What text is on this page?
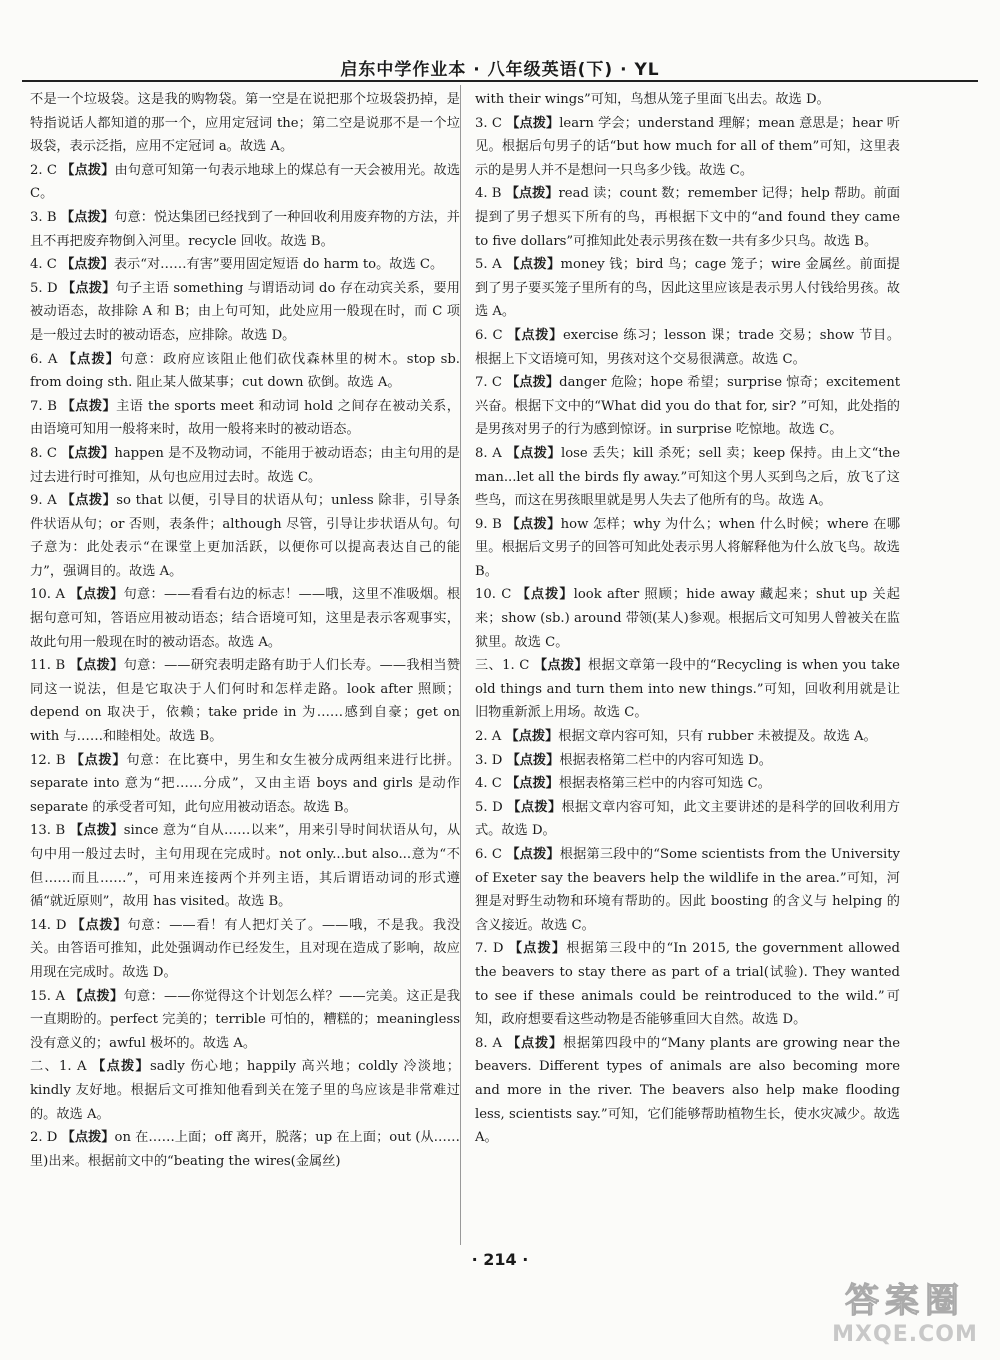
启东中学作业本 · 八年级英语(下) · YL

不是一个垃圾袋。这是我的购物袋。第一空是在说把那个垃圾袋扔掉，是特指说话人都知道的那一个，应用定冠词 the；第二空是说那不是一个垃圾袋，表示泛指，应用不定冠词 a。故选 A。

2. C 【点拨】由句意可知第一句表示地球上的煤总有一天会被用光。故选 C。

3. B 【点拨】句意：悦达集团已经找到了一种回收利用废弃物的方法，并且不再把废弃物倒入河里。recycle 回收。故选 B。

4. C 【点拨】表示“对……有害”要用固定短语 do harm to。故选 C。

5. D 【点拨】句子主语 something 与谓语动词 do 存在动宾关系，要用被动语态，故排除 A 和 B；由上句可知，此处应用一般现在时，而 C 项是一般过去时的被动语态，应排除。故选 D。

6. A 【点拨】句意：政府应该阻止他们砍伐森林里的树木。stop sb. from doing sth. 阻止某人做某事；cut down 砍倒。故选 A。

7. B 【点拨】主语 the sports meet 和动词 hold 之间存在被动关系，由语境可知用一般将来时，故用一般将来时的被动语态。

8. C 【点拨】happen 是不及物动词，不能用于被动语态；由主句用的是过去进行时可推知，从句也应用过去时。故选 C。

9. A 【点拨】so that 以便，引导目的状语从句；unless 除非，引导条件状语从句；or 否则，表条件；although 尽管，引导让步状语从句。句子意为：此处表示“在课堂上更加活跃，以便你可以提高表达自己的能力”，强调目的。故选 A。

10. A 【点拨】句意：——看看右边的标志！——哦，这里不准吸烟。根据句意可知，答语应用被动语态；结合语境可知，这里是表示客观事实，故此句用一般现在时的被动语态。故选 A。

11. B 【点拨】句意：——研究表明走路有助于人们长寿。——我相当赞同这一说法，但是它取决于人们何时和怎样走路。look after 照顾；depend on 取决于，依赖；take pride in 为……感到自豪；get on with 与……和睦相处。故选 B。

12. B 【点拨】句意：在比赛中，男生和女生被分成两组来进行比拼。separate into 意为“把……分成”，又由主语 boys and girls 是动作 separate 的承受者可知，此句应用被动语态。故选 B。

13. B 【点拨】since 意为“自从……以来”，用来引导时间状语从句，从句中用一般过去时，主句用现在完成时。not only...but also...意为“不但……而且……”，可用来连接两个并列主语，其后谓语动词的形式遵循“就近原则”，故用 has visited。故选 B。

14. D 【点拨】句意：——看！有人把灯关了。——哦，不是我。我没关。由答语可推知，此处强调动作已经发生，且对现在造成了影响，故应用现在完成时。故选 D。

15. A 【点拨】句意：——你觉得这个计划怎么样？——完美。这正是我一直期盼的。perfect 完美的；terrible 可怕的，糟糕的；meaningless 没有意义的；awful 极坏的。故选 A。

二、1. A 【点拨】sadly 伤心地；happily 高兴地；coldly 冷淡地；kindly 友好地。根据后文可推知他看到关在笼子里的鸟应该是非常难过的。故选 A。

2. D 【点拨】on 在……上面；off 离开，脱落；up 在上面；out (从……里)出来。根据前文中的“beating the wires(金属丝)

with their wings”可知，鸟想从笼子里面飞出去。故选 D。

3. C 【点拨】learn 学会；understand 理解；mean 意思是；hear 听见。根据后句男子的话“but how much for all of them”可知，这里表示的是男人并不是想问一只鸟多少钱。故选 C。

4. B 【点拨】read 读；count 数；remember 记得；help 帮助。前面提到了男子想买下所有的鸟，再根据下文中的“and found they came to five dollars”可推知此处表示男孩在数一共有多少只鸟。故选 B。

5. A 【点拨】money 钱；bird 鸟；cage 笼子；wire 金属丝。前面提到了男子要买笼子里所有的鸟，因此这里应该是表示男人付钱给男孩。故选 A。

6. C 【点拨】exercise 练习；lesson 课；trade 交易；show 节目。根据上下文语境可知，男孩对这个交易很满意。故选 C。

7. C 【点拨】danger 危险；hope 希望；surprise 惊奇；excitement 兴奋。根据下文中的“What did you do that for, sir? ”可知，此处指的是男孩对男子的行为感到惊讶。in surprise 吃惊地。故选 C。

8. A 【点拨】lose 丢失；kill 杀死；sell 卖；keep 保持。由上文“the man...let all the birds fly away.”可知这个男人买到鸟之后，放飞了这些鸟，而这在男孩眼里就是男人失去了他所有的鸟。故选 A。

9. B 【点拨】how 怎样；why 为什么；when 什么时候；where 在哪里。根据后文男子的回答可知此处表示男人将解释他为什么放飞鸟。故选 B。

10. C 【点拨】look after 照顾；hide away 藏起来；shut up 关起来；show (sb.) around 带领(某人)参观。根据后文可知男人曾被关在监狱里。故选 C。

三、1. C 【点拨】根据文章第一段中的“Recycling is when you take old things and turn them into new things.”可知，回收利用就是让旧物重新派上用场。故选 C。

2. A 【点拨】根据文章内容可知，只有 rubber 未被提及。故选 A。

3. D 【点拨】根据表格第二栏中的内容可知选 D。

4. C 【点拨】根据表格第三栏中的内容可知选 C。

5. D 【点拨】根据文章内容可知，此文主要讲述的是科学的回收利用方式。故选 D。

6. C 【点拨】根据第三段中的“Some scientists from the University of Exeter say the beavers help the wildlife in the area.”可知，河狸是对野生动物和环境有帮助的。因此 boosting 的含义与 helping 的含义接近。故选 C。

7. D 【点拨】根据第三段中的“In 2015, the government allowed the beavers to stay there as part of a trial(试验). They wanted to see if these animals could be reintroduced to the wild.”可知，政府想要看这些动物是否能够重回大自然。故选 D。

8. A 【点拨】根据第四段中的“Many plants are growing near the beavers. Different types of animals are also becoming more and more in the river. The beavers also help make flooding less, scientists say.”可知，它们能够帮助植物生长，使水灾减少。故选 A。

· 214 ·
答案圈
MXQE.COM
